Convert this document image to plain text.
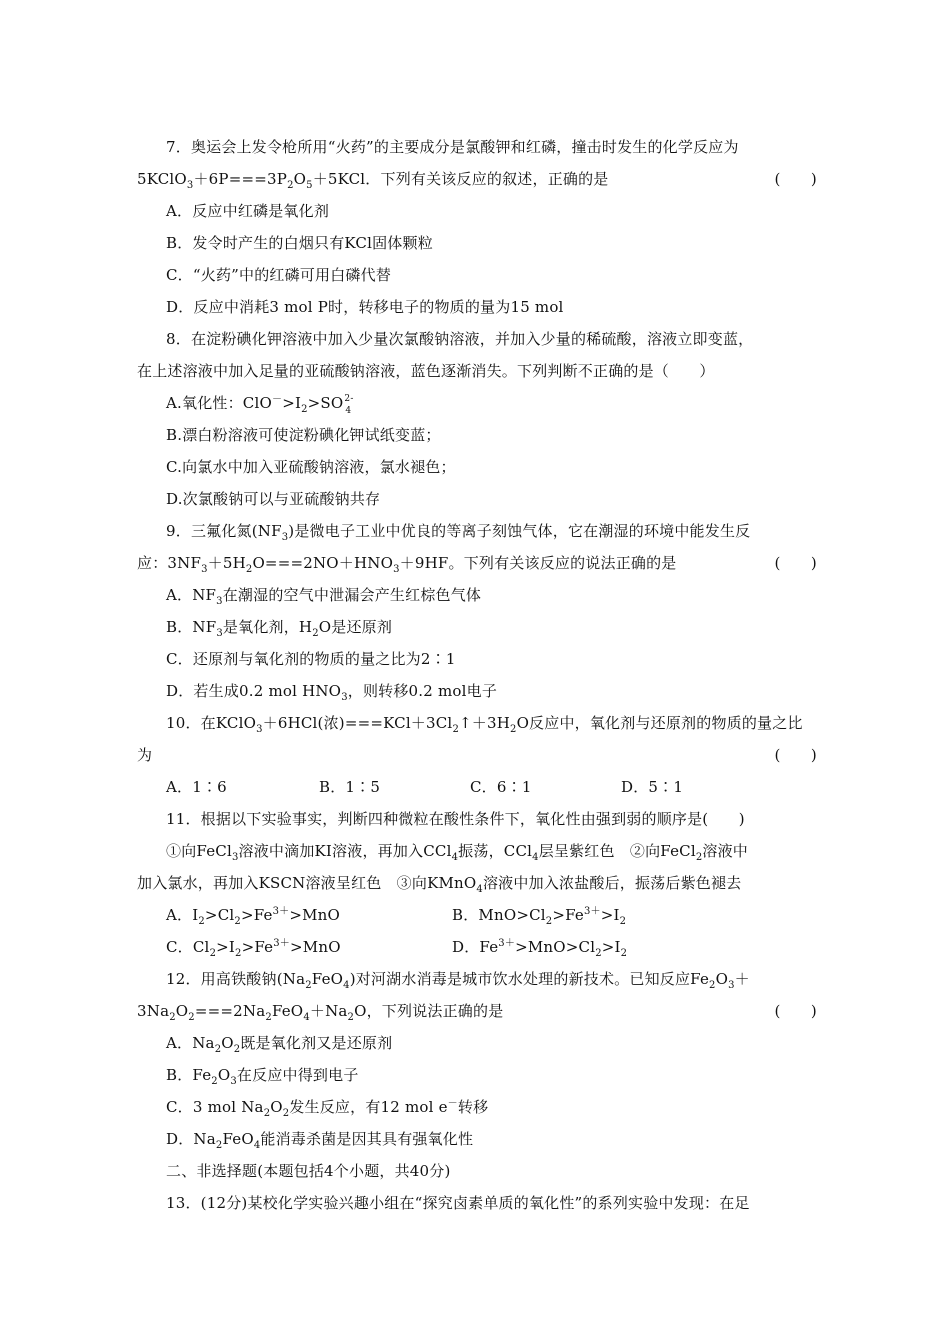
7．奥运会上发令枪所用“火药”的主要成分是氯酸钾和红磷，撞击时发生的化学反应为
$5KClO_3+6P===3P_2O_5+5KCl$．下列有关该反应的叙述，正确的是	(　　)
A．反应中红磷是氧化剂
B．发令时产生的白烟只有KCl固体颗粒
C．“火药”中的红磷可用白磷代替
D．反应中消耗3 mol P时，转移电子的物质的量为15 mol
8．在淀粉碘化钾溶液中加入少量次氯酸钠溶液，并加入少量的稀硫酸，溶液立即变蓝，
在上述溶液中加入足量的亚硫酸钠溶液，蓝色逐渐消失。下列判断不正确的是（　　）
A.氧化性：$ClO^->I_2>SO$ 2-
4
B.漂白粉溶液可使淀粉碘化钾试纸变蓝；
C.向氯水中加入亚硫酸钠溶液，氯水褪色；
D.次氯酸钠可以与亚硫酸钠共存
9．三氟化氮$(NF_3)$是微电子工业中优良的等离子刻蚀气体，它在潮湿的环境中能发生反
应：$3NF_3+5H_2O===2NO+HNO_3+9HF$。下列有关该反应的说法正确的是	(　　)
A．$NF_3$在潮湿的空气中泄漏会产生红棕色气体
B．$NF_3$是氧化剂，$H_2O$是还原剂
C．还原剂与氧化剂的物质的量之比为2∶1
D．若生成0.2 mol $HNO_3$，则转移0.2 mol电子
10．在KClO$_3$＋6HCl(浓)$===KCl+3Cl_2↑+3H_2O$反应中，氧化剂与还原剂的物质的量之比
为	(　　)
A．1∶6	B．1∶5	C．6∶1	D．5∶1
11．根据以下实验事实，判断四种微粒在酸性条件下，氧化性由强到弱的顺序是(　　)
①向FeCl$_3$溶液中滴加KI溶液，再加入CCl$_4$振荡，CCl$_4$层呈紫红色　②向FeCl$_2$溶液中
加入氯水，再加入KSCN溶液呈红色　③向KMnO$_4$溶液中加入浓盐酸后，振荡后紫色褪去
A．$I_2>Cl_2>Fe^{3+}>MnO$	B．$MnO>Cl_2>Fe^{3+}>I_2$
C．$Cl_2>I_2>Fe^{3+}>MnO$	D．$Fe^{3+}>MnO>Cl_2>I_2$
12．用高铁酸钠$(Na_2FeO_4)$对河湖水消毒是城市饮水处理的新技术。已知反应$Fe_2O_3+$
$3Na_2O_2===2Na_2FeO_4+Na_2O$，下列说法正确的是	(　　)
A．$Na_2O_2$既是氧化剂又是还原剂
B．$Fe_2O_3$在反应中得到电子
C．3 mol $Na_2O_2$发生反应，有12 mol e－转移
D．$Na_2FeO_4$能消毒杀菌是因其具有强氧化性
二、非选择题(本题包括4个小题，共40分)
13．(12分)某校化学实验兴趣小组在“探究卤素单质的氧化性”的系列实验中发现：在足
